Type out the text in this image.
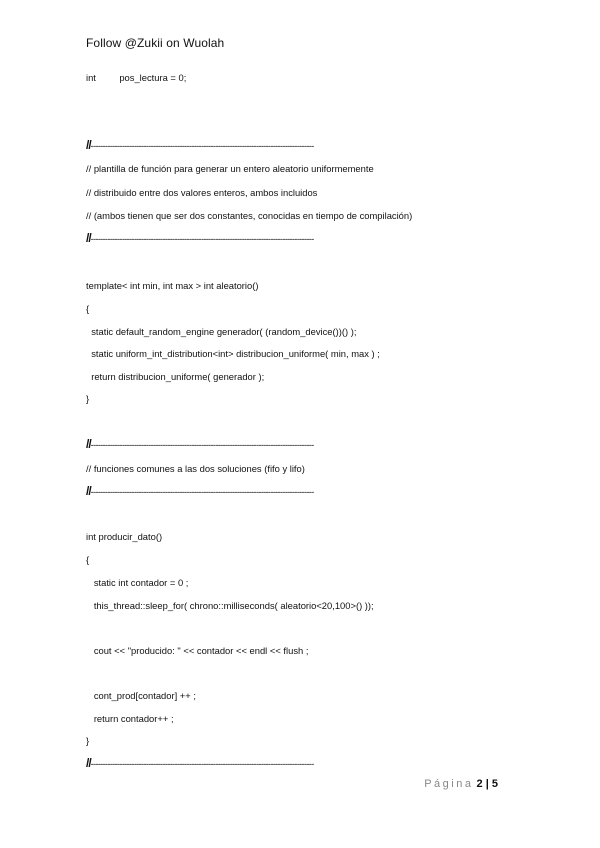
Follow @Zukii on Wuolah
int         pos_lectura = 0;
//---------------------------------------------------------------------------------------------
// plantilla de función para generar un entero aleatorio uniformemente
// distribuido entre dos valores enteros, ambos incluidos
// (ambos tienen que ser dos constantes, conocidas en tiempo de compilación)
//---------------------------------------------------------------------------------------------
template< int min, int max > int aleatorio()
{
static default_random_engine generador( (random_device())() );
static uniform_int_distribution<int> distribucion_uniforme( min, max ) ;
return distribucion_uniforme( generador );
}
//---------------------------------------------------------------------------------------------
// funciones comunes a las dos soluciones (fifo y lifo)
//---------------------------------------------------------------------------------------------
int producir_dato()
{
static int contador = 0 ;
this_thread::sleep_for( chrono::milliseconds( aleatorio<20,100>() ));
cout << "producido: " << contador << endl << flush ;
cont_prod[contador] ++ ;
return contador++ ;
}
//---------------------------------------------------------------------------------------------
Página 2 | 5
